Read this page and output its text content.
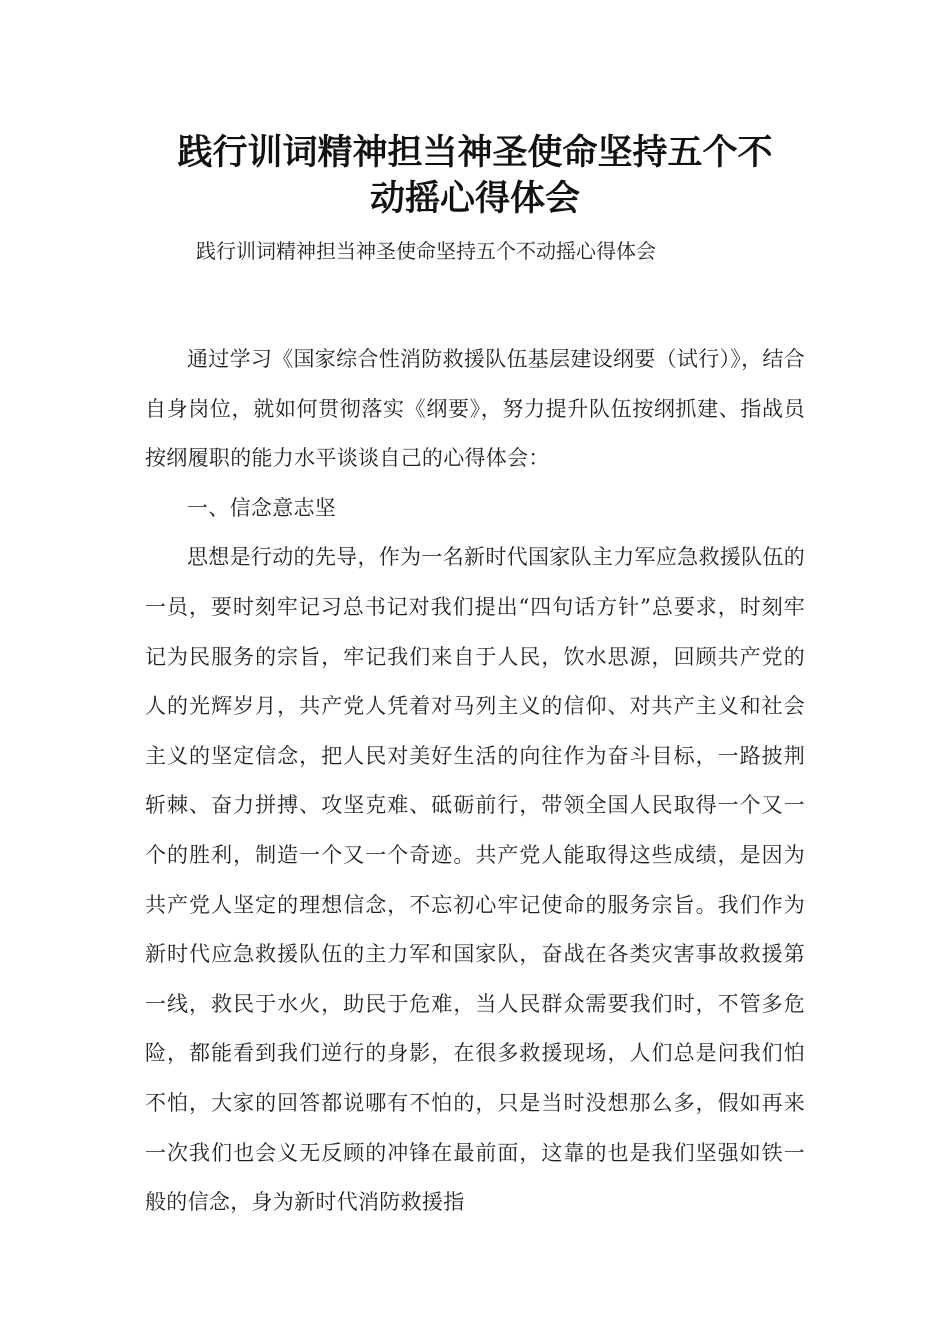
践行训词精神担当神圣使命坚持五个不
动摇心得体会
践行训词精神担当神圣使命坚持五个不动摇心得体会

通过学习《国家综合性消防救援队伍基层建设纲要（试行）》，结合自身岗位，就如何贯彻落实《纲要》，努力提升队伍按纲抓建、指战员按纲履职的能力水平谈谈自己的心得体会：

一、信念意志坚

思想是行动的先导，作为一名新时代国家队主力军应急救援队伍的一员，要时刻牢记习总书记对我们提出“四句话方针”总要求，时刻牢记为民服务的宗旨，牢记我们来自于人民，饮水思源，回顾共产党的人的光辉岁月，共产党人凭着对马列主义的信仰、对共产主义和社会主义的坚定信念，把人民对美好生活的向往作为奋斗目标，一路披荆斩棘、奋力拼搏、攻坚克难、砥砺前行，带领全国人民取得一个又一个的胜利，制造一个又一个奇迹。共产党人能取得这些成绩，是因为共产党人坚定的理想信念，不忘初心牢记使命的服务宗旨。我们作为新时代应急救援队伍的主力军和国家队，奋战在各类灾害事故救援第一线，救民于水火，助民于危难，当人民群众需要我们时，不管多危险，都能看到我们逆行的身影，在很多救援现场，人们总是问我们怕不怕，大家的回答都说哪有不怕的，只是当时没想那么多，假如再来一次我们也会义无反顾的冲锋在最前面，这靠的也是我们坚强如铁一般的信念，身为新时代消防救援指
